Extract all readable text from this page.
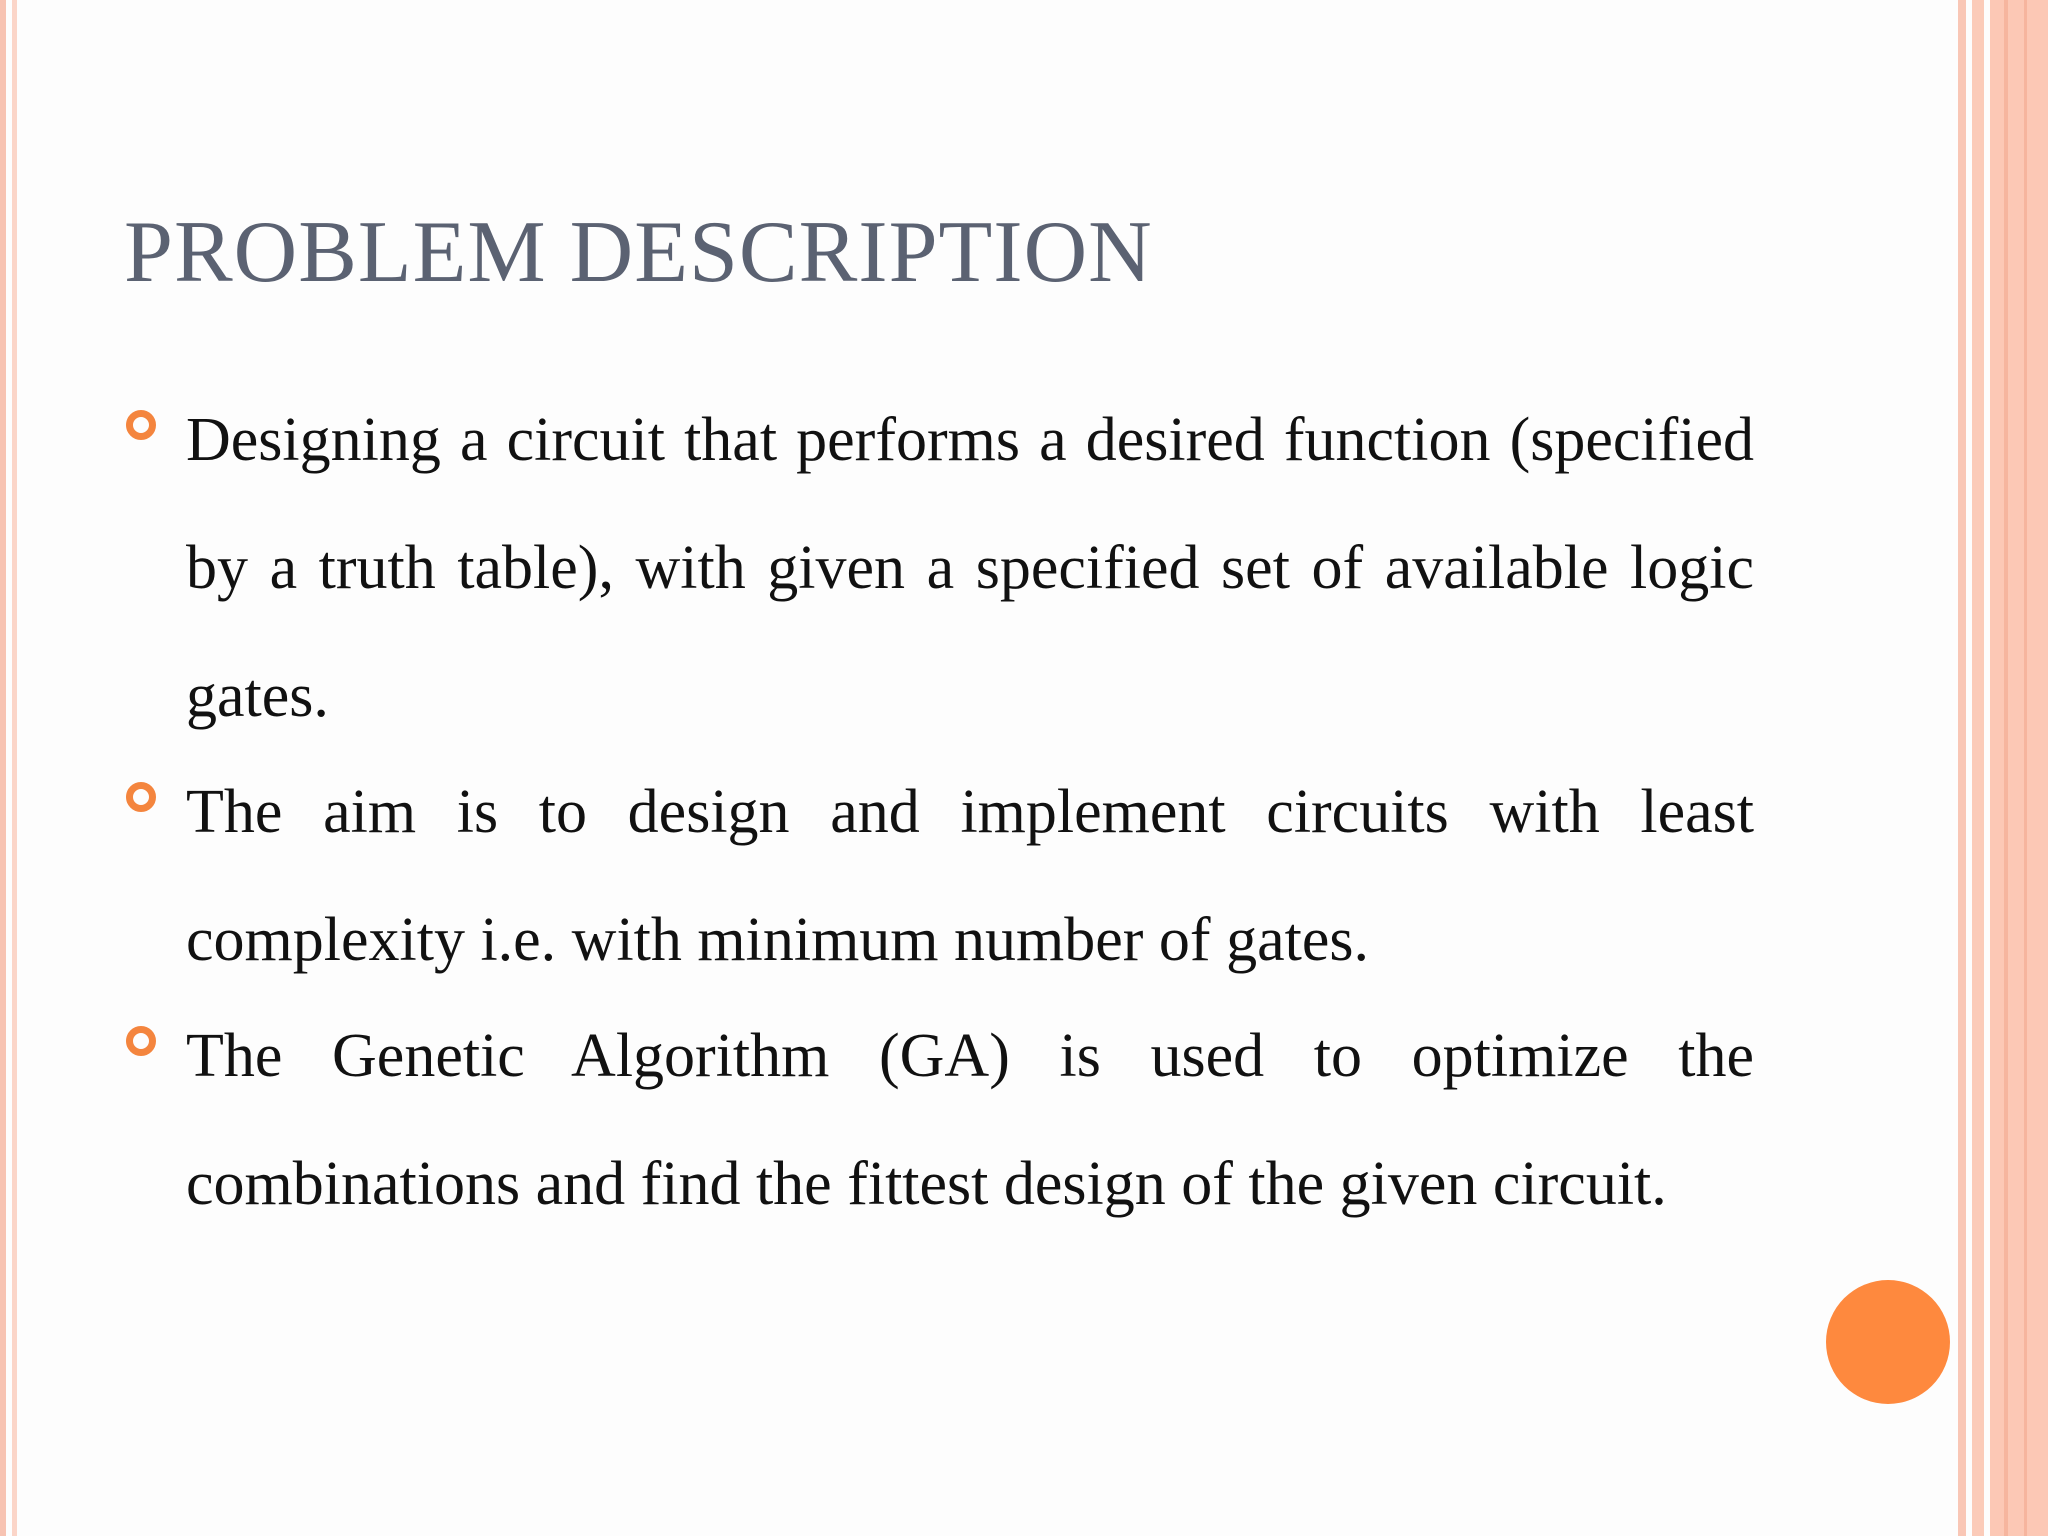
PROBLEM DESCRIPTION
Designing a circuit that performs a desired function (specified by a truth table), with given a specified set of available logic gates.
The aim is to design and implement circuits with least complexity i.e. with minimum number of gates.
The Genetic Algorithm (GA) is used to optimize the combinations and find the fittest design of the given circuit.
